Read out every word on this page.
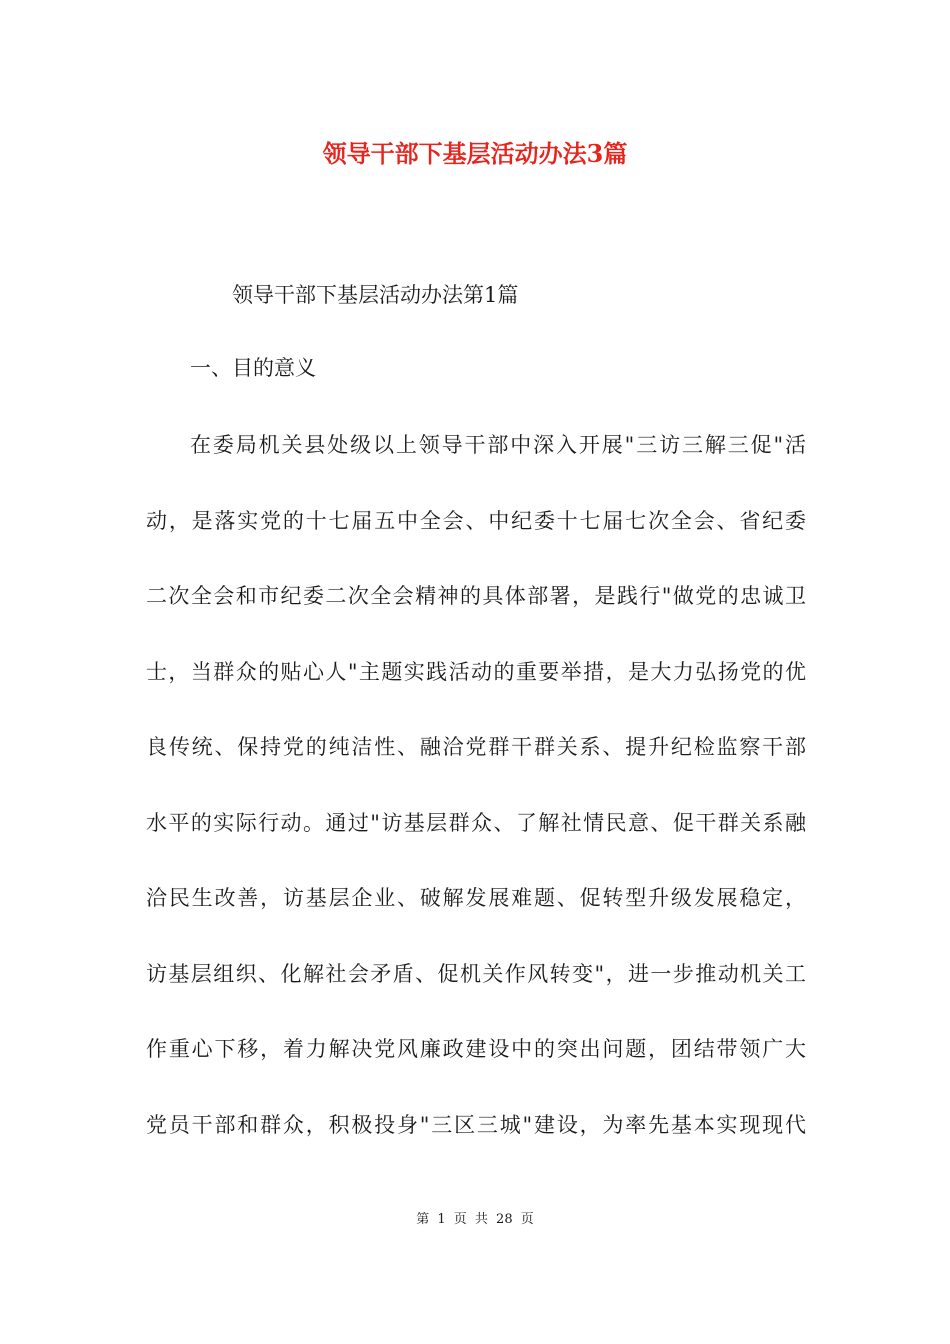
领导干部下基层活动办法3篇
领导干部下基层活动办法第1篇
一、目的意义
在委局机关县处级以上领导干部中深入开展"三访三解三促"活
动，是落实党的十七届五中全会、中纪委十七届七次全会、省纪委
二次全会和市纪委二次全会精神的具体部署，是践行"做党的忠诚卫
士，当群众的贴心人"主题实践活动的重要举措，是大力弘扬党的优
良传统、保持党的纯洁性、融洽党群干群关系、提升纪检监察干部
水平的实际行动。通过"访基层群众、了解社情民意、促干群关系融
洽民生改善，访基层企业、破解发展难题、促转型升级发展稳定，
访基层组织、化解社会矛盾、促机关作风转变"，进一步推动机关工
作重心下移，着力解决党风廉政建设中的突出问题，团结带领广大
党员干部和群众，积极投身"三区三城"建设，为率先基本实现现代
第 1 页 共 28 页
